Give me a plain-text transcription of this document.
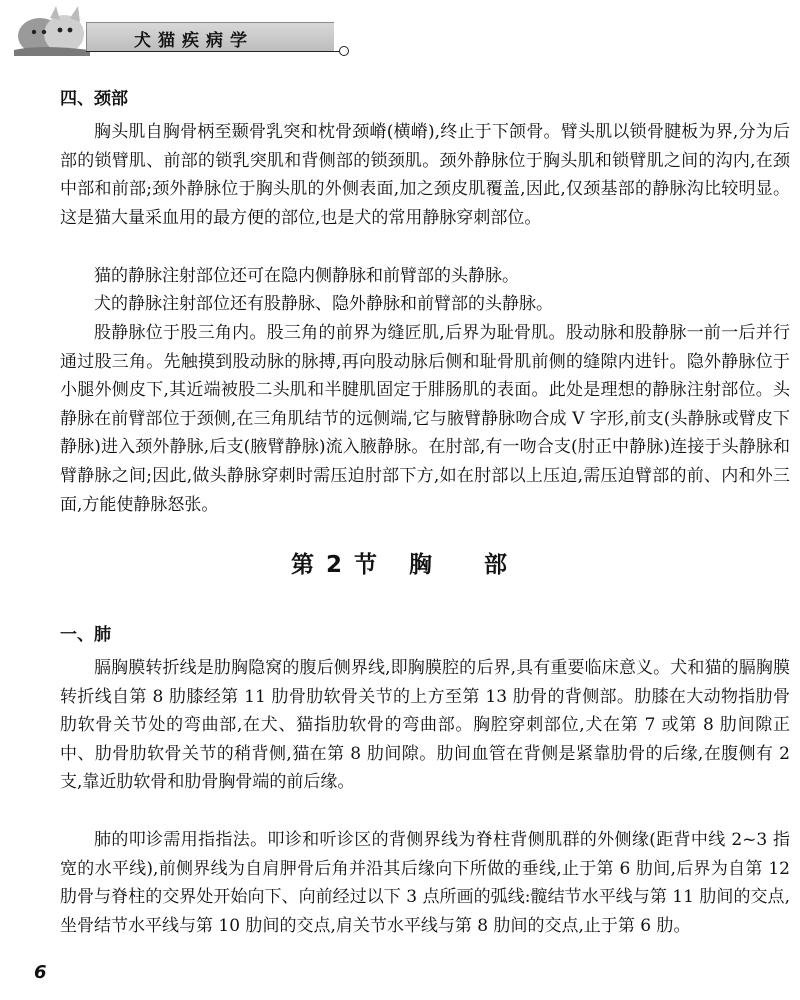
犬猫疾病学
四、颈部

胸头肌自胸骨柄至颞骨乳突和枕骨颈嵴(横嵴),终止于下颌骨。臂头肌以锁骨腱板为界,分为后部的锁臂肌、前部的锁乳突肌和背侧部的锁颈肌。颈外静脉位于胸头肌和锁臂肌之间的沟内,在颈中部和前部;颈外静脉位于胸头肌的外侧表面,加之颈皮肌覆盖,因此,仅颈基部的静脉沟比较明显。这是猫大量采血用的最方便的部位,也是犬的常用静脉穿刺部位。

猫的静脉注射部位还可在隐内侧静脉和前臂部的头静脉。

犬的静脉注射部位还有股静脉、隐外静脉和前臂部的头静脉。

股静脉位于股三角内。股三角的前界为缝匠肌,后界为耻骨肌。股动脉和股静脉一前一后并行通过股三角。先触摸到股动脉的脉搏,再向股动脉后侧和耻骨肌前侧的缝隙内进针。隐外静脉位于小腿外侧皮下,其近端被股二头肌和半腱肌固定于腓肠肌的表面。此处是理想的静脉注射部位。头静脉在前臂部位于颈侧,在三角肌结节的远侧端,它与腋臂静脉吻合成 V 字形,前支(头静脉或臂皮下静脉)进入颈外静脉,后支(腋臂静脉)流入腋静脉。在肘部,有一吻合支(肘正中静脉)连接于头静脉和臂静脉之间;因此,做头静脉穿刺时需压迫肘部下方,如在肘部以上压迫,需压迫臂部的前、内和外三面,方能使静脉怒张。

第 2 节   胸     部
一、肺

膈胸膜转折线是肋胸隐窝的腹后侧界线,即胸膜腔的后界,具有重要临床意义。犬和猫的膈胸膜转折线自第 8 肋膝经第 11 肋骨肋软骨关节的上方至第 13 肋骨的背侧部。肋膝在大动物指肋骨肋软骨关节处的弯曲部,在犬、猫指肋软骨的弯曲部。胸腔穿刺部位,犬在第 7 或第 8 肋间隙正中、肋骨肋软骨关节的稍背侧,猫在第 8 肋间隙。肋间血管在背侧是紧靠肋骨的后缘,在腹侧有 2 支,靠近肋软骨和肋骨胸骨端的前后缘。

肺的叩诊需用指指法。叩诊和听诊区的背侧界线为脊柱背侧肌群的外侧缘(距背中线 2~3 指宽的水平线),前侧界线为自肩胛骨后角并沿其后缘向下所做的垂线,止于第 6 肋间,后界为自第 12 肋骨与脊柱的交界处开始向下、向前经过以下 3 点所画的弧线:髋结节水平线与第 11 肋间的交点,坐骨结节水平线与第 10 肋间的交点,肩关节水平线与第 8 肋间的交点,止于第 6 肋。

6
